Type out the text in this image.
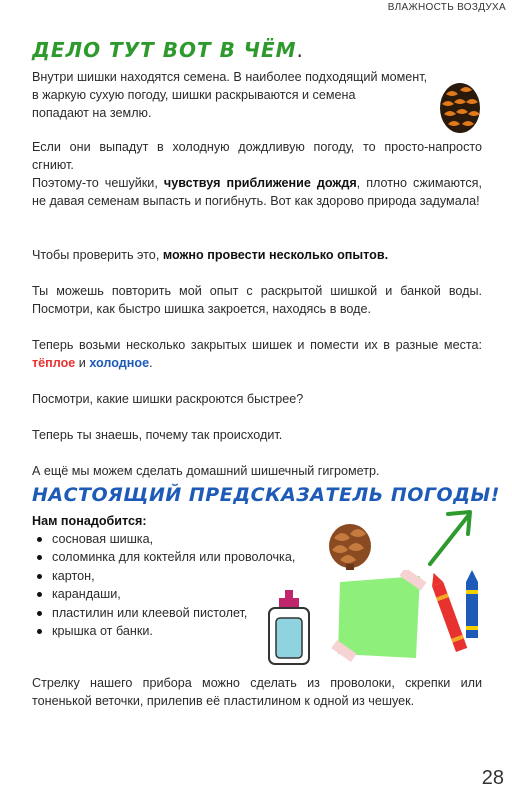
ВЛАЖНОСТЬ ВОЗДУХА
ДЕЛО ТУТ ВОТ В ЧЁМ.
Внутри шишки находятся семена. В наиболее подходящий момент,
в жаркую сухую погоду, шишки раскрываются и семена
попадают на землю.
Если они выпадут в холодную дождливую погоду, то просто-напросто сгниют.
Поэтому-то чешуйки, чувствуя приближение дождя, плотно сжимаются, не давая семенам выпасть и погибнуть. Вот как здорово природа задумала!
Чтобы проверить это, можно провести несколько опытов.
Ты можешь повторить мой опыт с раскрытой шишкой и банкой воды. Посмотри, как быстро шишка закроется, находясь в воде.
Теперь возьми несколько закрытых шишек и помести их в разные места: тёплое и холодное.
Посмотри, какие шишки раскроются быстрее?
Теперь ты знаешь, почему так происходит.
А ещё мы можем сделать домашний шишечный гигрометр.
НАСТОЯЩИЙ ПРЕДСКАЗАТЕЛЬ ПОГОДЫ!
Нам понадобится:
сосновая шишка,
соломинка для коктейля или проволочка,
картон,
карандаши,
пластилин или клеевой пистолет,
крышка от банки.
Стрелку нашего прибора можно сделать из проволоки, скрепки или тоненькой веточки, прилепив её пластилином к одной из чешуек.
28
